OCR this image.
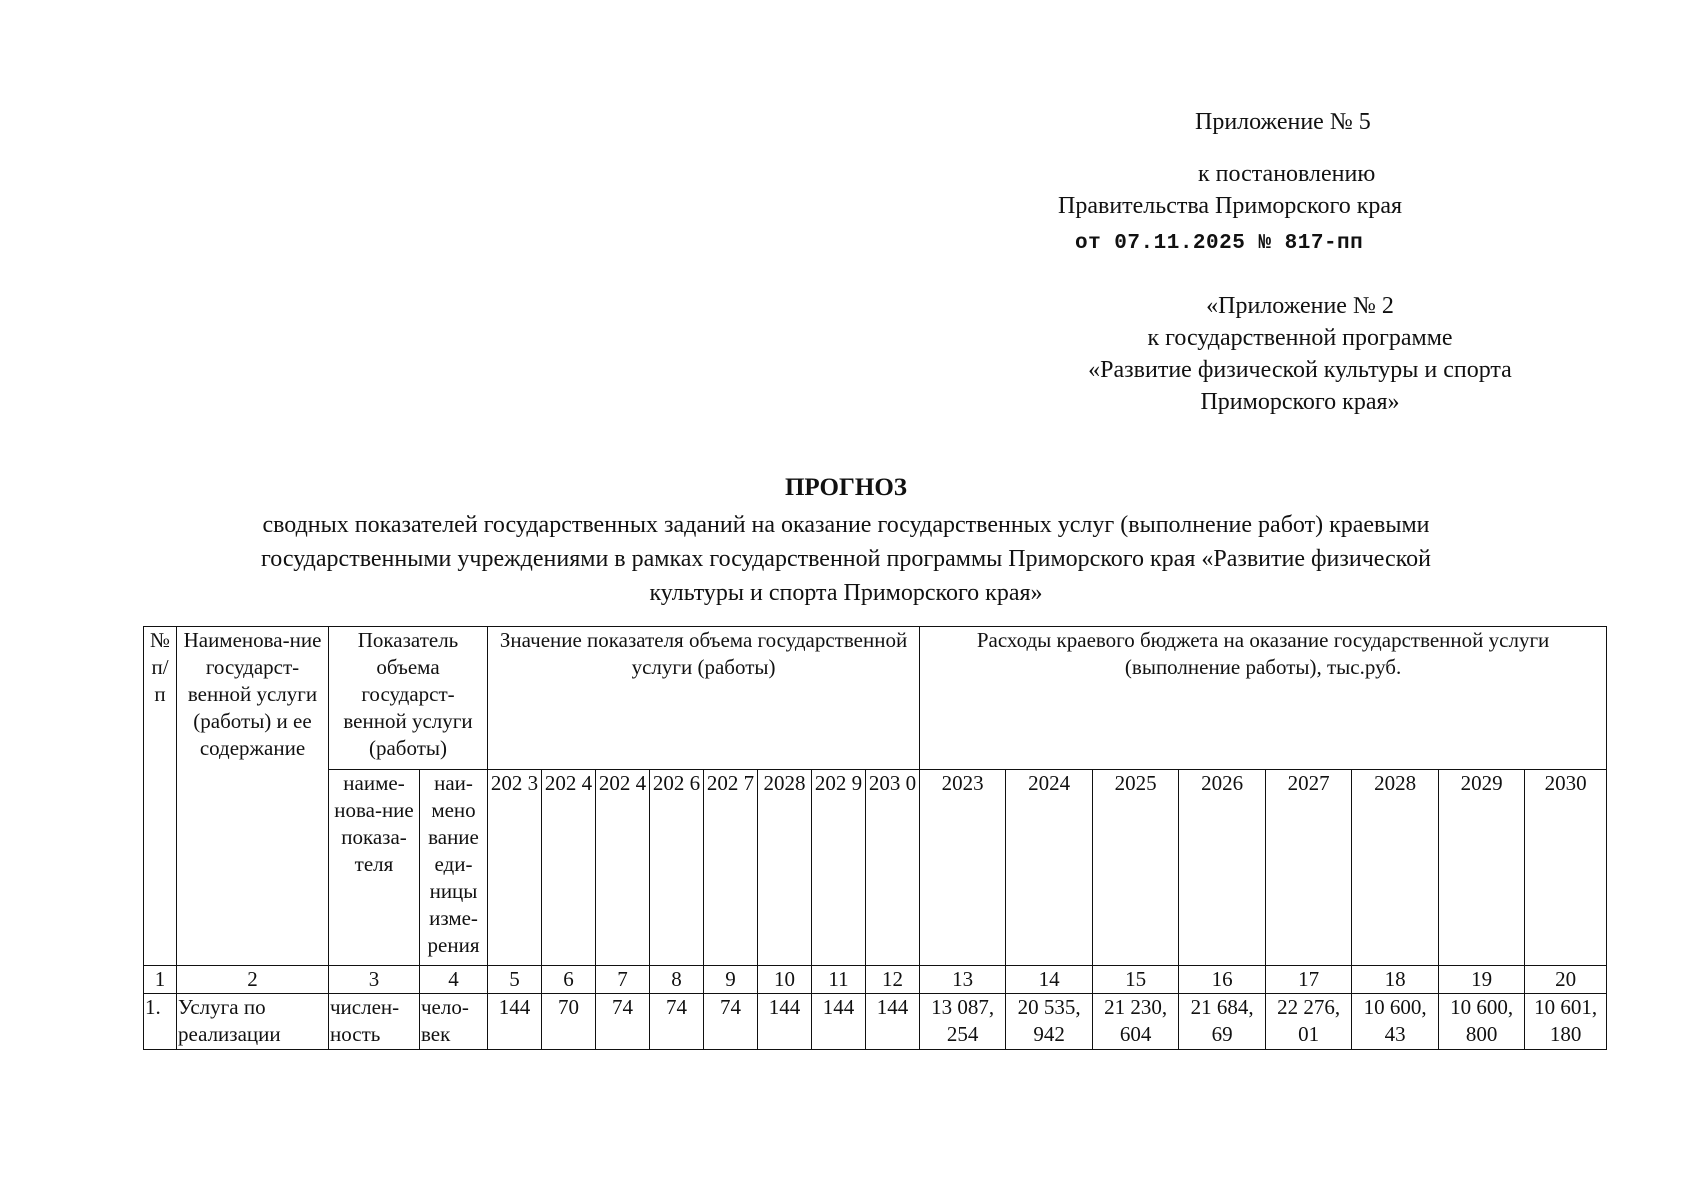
Приложение № 5
к постановлению
Правительства Приморского края
от 07.11.2025 № 817-пп
«Приложение № 2
к государственной программе
«Развитие физической культуры и спорта
Приморского края»
ПРОГНОЗ
сводных показателей государственных заданий на оказание государственных услуг (выполнение работ) краевыми
государственными учреждениями в рамках государственной программы Приморского края «Развитие физической
культуры и спорта Приморского края»
№ п/ п	Наименова-ние государст-венной услуги (работы) и ее содержание	Показатель объема государст-венной услуги (работы)		Значение показателя объема государственной услуги (работы)								Расходы краевого бюджета на оказание государственной услуги (выполнение работы), тыс.руб.							
		наиме-нова-ние показа-теля	наи-мено вание еди-ницы изме-рения	202 3	202 4	202 4	202 6	202 7	2028	202 9	203 0	2023	2024	2025	2026	2027	2028	2029	2030
1	2	3	4	5	6	7	8	9	10	11	12	13	14	15	16	17	18	19	20
1.	Услуга по реализации	числен-ность	чело-век	144	70	74	74	74	144	144	144	13 087, 254	20 535, 942	21 230, 604	21 684, 69	22 276, 01	10 600, 43	10 600, 800	10 601, 180
